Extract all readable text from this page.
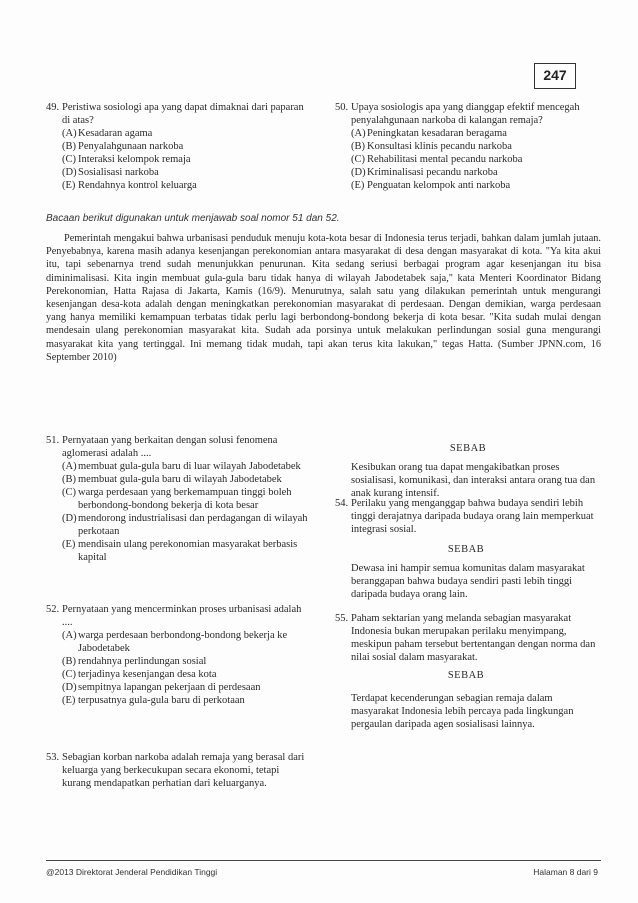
247
49. Peristiwa sosiologi apa yang dapat dimaknai dari paparan di atas?
(A) Kesadaran agama
(B) Penyalahgunaan narkoba
(C) Interaksi kelompok remaja
(D) Sosialisasi narkoba
(E) Rendahnya kontrol keluarga
50. Upaya sosiologis apa yang dianggap efektif mencegah penyalahgunaan narkoba di kalangan remaja?
(A) Peningkatan kesadaran beragama
(B) Konsultasi klinis pecandu narkoba
(C) Rehabilitasi mental pecandu narkoba
(D) Kriminalisasi pecandu narkoba
(E) Penguatan kelompok anti narkoba
Bacaan berikut digunakan untuk menjawab soal nomor 51 dan 52.

Pemerintah mengakui bahwa urbanisasi penduduk menuju kota-kota besar di Indonesia terus terjadi, bahkan dalam jumlah jutaan. Penyebabnya, karena masih adanya kesenjangan perekonomian antara masyarakat di desa dengan masyarakat di kota. "Ya kita akui itu, tapi sebenarnya trend sudah menunjukkan penurunan. Kita sedang seriusi berbagai program agar kesenjangan itu bisa diminimalisasi. Kita ingin membuat gula-gula baru tidak hanya di wilayah Jabodetabek saja," kata Menteri Koordinator Bidang Perekonomian, Hatta Rajasa di Jakarta, Kamis (16/9). Menurutnya, salah satu yang dilakukan pemerintah untuk mengurangi kesenjangan desa-kota adalah dengan meningkatkan perekonomian masyarakat di perdesaan. Dengan demikian, warga perdesaan yang hanya memiliki kemampuan terbatas tidak perlu lagi berbondong-bondong bekerja di kota besar. "Kita sudah mulai dengan mendesain ulang perekonomian masyarakat kita. Sudah ada porsinya untuk melakukan perlindungan sosial guna mengurangi masyarakat kita yang tertinggal. Ini memang tidak mudah, tapi akan terus kita lakukan," tegas Hatta. (Sumber JPNN.com, 16 September 2010)

51. Pernyataan yang berkaitan dengan solusi fenomena aglomerasi adalah ....
(A) membuat gula-gula baru di luar wilayah Jabodetabek
(B) membuat gula-gula baru di wilayah Jabodetabek
(C) warga perdesaan yang berkemampuan tinggi boleh berbondong-bondong bekerja di kota besar
(D) mendorong industrialisasi dan perdagangan di wilayah perkotaan
(E) mendisain ulang perekonomian masyarakat berbasis kapital
52. Pernyataan yang mencerminkan proses urbanisasi adalah ....
(A) warga perdesaan berbondong-bondong bekerja ke Jabodetabek
(B) rendahnya perlindungan sosial
(C) terjadinya kesenjangan desa kota
(D) sempitnya lapangan pekerjaan di perdesaan
(E) terpusatnya gula-gula baru di perkotaan
53. Sebagian korban narkoba adalah remaja yang berasal dari keluarga yang berkecukupan secara ekonomi, tetapi kurang mendapatkan perhatian dari keluarganya.

SEBAB

Kesibukan orang tua dapat mengakibatkan proses sosialisasi, komunikasi, dan interaksi antara orang tua dan anak kurang intensif.

54. Perilaku yang menganggap bahwa budaya sendiri lebih tinggi derajatnya daripada budaya orang lain memperkuat integrasi sosial.

SEBAB

Dewasa ini hampir semua komunitas dalam masyarakat beranggapan bahwa budaya sendiri pasti lebih tinggi daripada budaya orang lain.
55. Paham sektarian yang melanda sebagian masyarakat Indonesia bukan merupakan perilaku menyimpang, meskipun paham tersebut bertentangan dengan norma dan nilai sosial dalam masyarakat.

SEBAB

Terdapat kecenderungan sebagian remaja dalam masyarakat Indonesia lebih percaya pada lingkungan pergaulan daripada agen sosialisasi lainnya.
@2013 Direktorat Jenderal Pendidikan Tinggi	Halaman 8 dari 9
